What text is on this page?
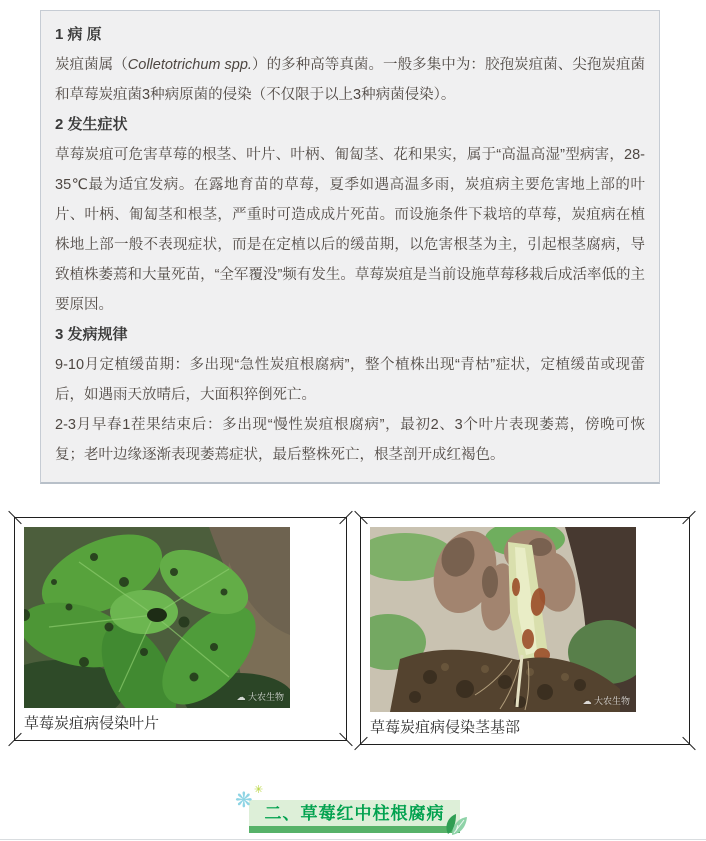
1 病 原

炭疽菌属（Colletotrichum spp.）的多种高等真菌。一般多集中为：胶孢炭疽菌、尖孢炭疽菌和草莓炭疽菌3种病原菌的侵染（不仅限于以上3种病菌侵染）。

2 发生症状

草莓炭疽可危害草莓的根茎、叶片、叶柄、匍匐茎、花和果实，属于“高温高湿”型病害，28-35℃最为适宜发病。在露地育苗的草莓，夏季如遇高温多雨，炭疽病主要危害地上部的叶片、叶柄、匍匐茎和根茎，严重时可造成成片死苗。而设施条件下栽培的草莓，炭疽病在植株地上部一般不表现症状，而是在定植以后的缓苗期，以危害根茎为主，引起根茎腐病，导致植株萎蔫和大量死苗，“全军覆没”频有发生。草莓炭疽是当前设施草莓移栽后成活率低的主要原因。

3 发病规律

9-10月定植缓苗期：多出现“急性炭疽根腐病”，整个植株出现“青枯”症状，定植缓苗或现蕾后，如遇雨天放晴后，大面积猝倒死亡。

2-3月早春1茬果结束后：多出现“慢性炭疽根腐病”，最初2、3个叶片表现萎蔫，傍晚可恢复；老叶边缘逐渐表现萎蔫症状，最后整株死亡，根茎剖开成红褐色。

☁ 大农生物
草莓炭疽病侵染叶片
☁ 大农生物
草莓炭疽病侵染茎基部
❋ ✳
二、草莓红中柱根腐病
